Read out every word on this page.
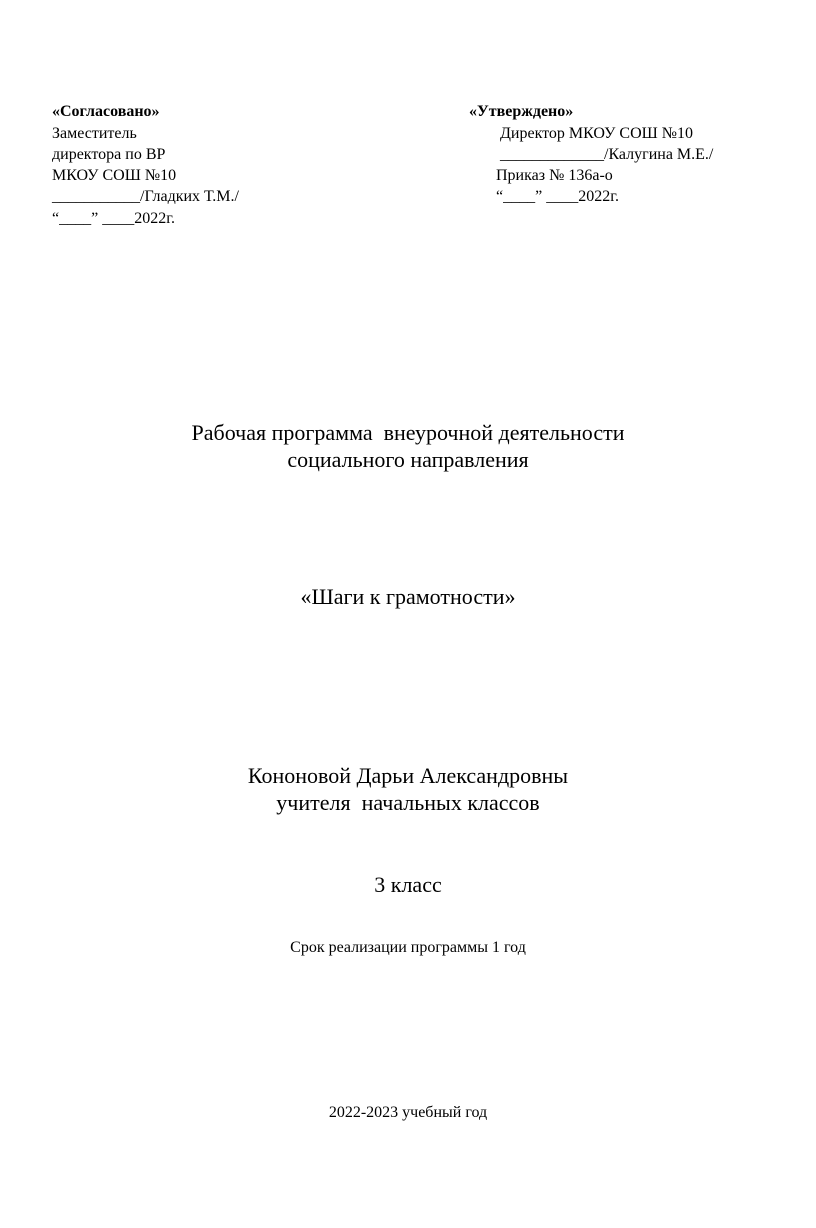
«Согласовано»
Заместитель
директора по ВР
МКОУ СОШ №10
___________/Гладких Т.М./
“____” ____2022г.
«Утверждено»
Директор МКОУ СОШ №10
_____________/Калугина М.Е./
Приказ № 136а-о
“____” ____2022г.
Рабочая программа  внеурочной деятельности
социального направления
«Шаги к грамотности»
Кононовой Дарьи Александровны
учителя  начальных классов
3 класс
Срок реализации программы 1 год
2022-2023 учебный год
